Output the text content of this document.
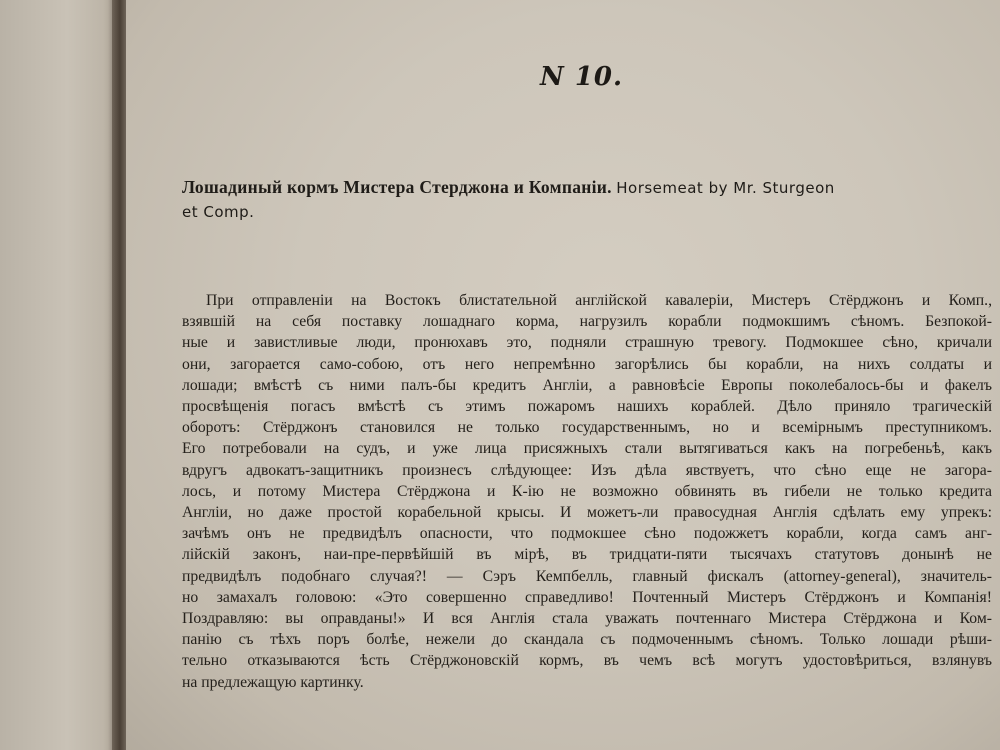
N 10.
Лошадиный кормъ Мистера Стерджона и Компаніи. Horsemeat by Mr. Sturgeon
et Comp.
При отправленіи на Востокъ блистательной англійской кавалеріи, Мистеръ Стёрджонъ и Комп.,
взявшій на себя поставку лошаднаго корма, нагрузилъ корабли подмокшимъ сѣномъ. Безпокой-
ные и завистливые люди, пронюхавъ это, подняли страшную тревогу. Подмокшее сѣно, кричали
они, загорается само-собою, отъ него непремѣнно загорѣлись бы корабли, на нихъ солдаты и
лошади; вмѣстѣ съ ними палъ-бы кредитъ Англіи, а равновѣсіе Европы поколебалось-бы и факелъ
просвѣщенія погасъ вмѣстѣ съ этимъ пожаромъ нашихъ кораблей. Дѣло приняло трагическій
оборотъ: Стёрджонъ становился не только государственнымъ, но и всемірнымъ преступникомъ.
Его потребовали на судъ, и уже лица присяжныхъ стали вытягиваться какъ на погребеньѣ, какъ
вдругъ адвокатъ-защитникъ произнесъ слѣдующее: Изъ дѣла явствуетъ, что сѣно еще не загора-
лось, и потому Мистера Стёрджона и К-ію не возможно обвинять въ гибели не только кредита
Англіи, но даже простой корабельной крысы. И можетъ-ли правосудная Англія сдѣлать ему упрекъ:
зачѣмъ онъ не предвидѣлъ опасности, что подмокшее сѣно подожжетъ корабли, когда самъ анг-
лійскій законъ, наи-пре-первѣйшій въ мірѣ, въ тридцати-пяти тысячахъ статутовъ донынѣ не
предвидѣлъ подобнаго случая?! — Сэръ Кемпбелль, главный фискалъ (attorney-general), значитель-
но замахалъ головою: «Это совершенно справедливо! Почтенный Мистеръ Стёрджонъ и Компанія!
Поздравляю: вы оправданы!» И вся Англія стала уважать почтеннаго Мистера Стёрджона и Ком-
панію съ тѣхъ поръ болѣе, нежели до скандала съ подмоченнымъ сѣномъ. Только лошади рѣши-
тельно отказываются ѣсть Стёрджоновскій кормъ, въ чемъ всѣ могутъ удостовѣриться, взлянувъ
на предлежащую картинку.
